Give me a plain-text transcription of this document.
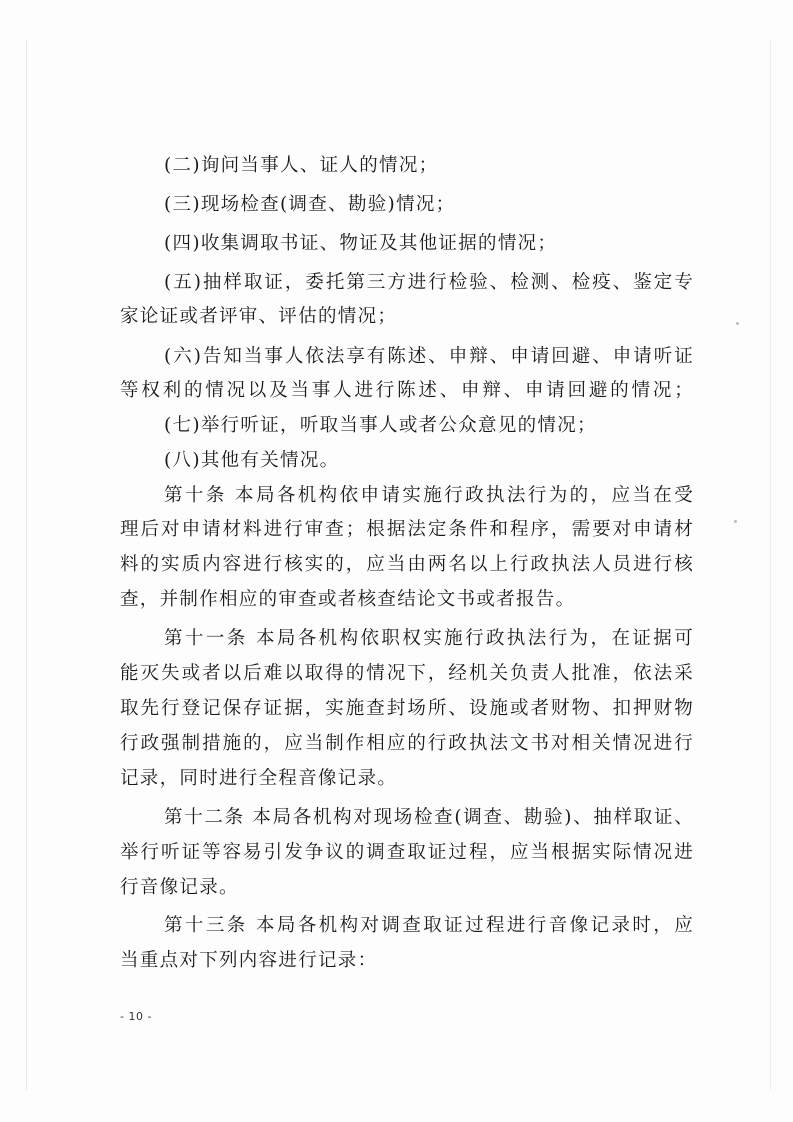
(二)询问当事人、证人的情况；
(三)现场检查(调查、勘验)情况；
(四)收集调取书证、物证及其他证据的情况；
(五)抽样取证，委托第三方进行检验、检测、检疫、鉴定专
家论证或者评审、评估的情况；
(六)告知当事人依法享有陈述、申辩、申请回避、申请听证
等权利的情况以及当事人进行陈述、申辩、申请回避的情况；
(七)举行听证，听取当事人或者公众意见的情况；
(八)其他有关情况。
第十条 本局各机构依申请实施行政执法行为的，应当在受
理后对申请材料进行审查；根据法定条件和程序，需要对申请材
料的实质内容进行核实的，应当由两名以上行政执法人员进行核
查，并制作相应的审查或者核查结论文书或者报告。
第十一条 本局各机构依职权实施行政执法行为，在证据可
能灭失或者以后难以取得的情况下，经机关负责人批准，依法采
取先行登记保存证据，实施查封场所、设施或者财物、扣押财物
行政强制措施的，应当制作相应的行政执法文书对相关情况进行
记录，同时进行全程音像记录。
第十二条 本局各机构对现场检查(调查、勘验)、抽样取证、
举行听证等容易引发争议的调查取证过程，应当根据实际情况进
行音像记录。
第十三条 本局各机构对调查取证过程进行音像记录时，应
当重点对下列内容进行记录：
- 10 -
